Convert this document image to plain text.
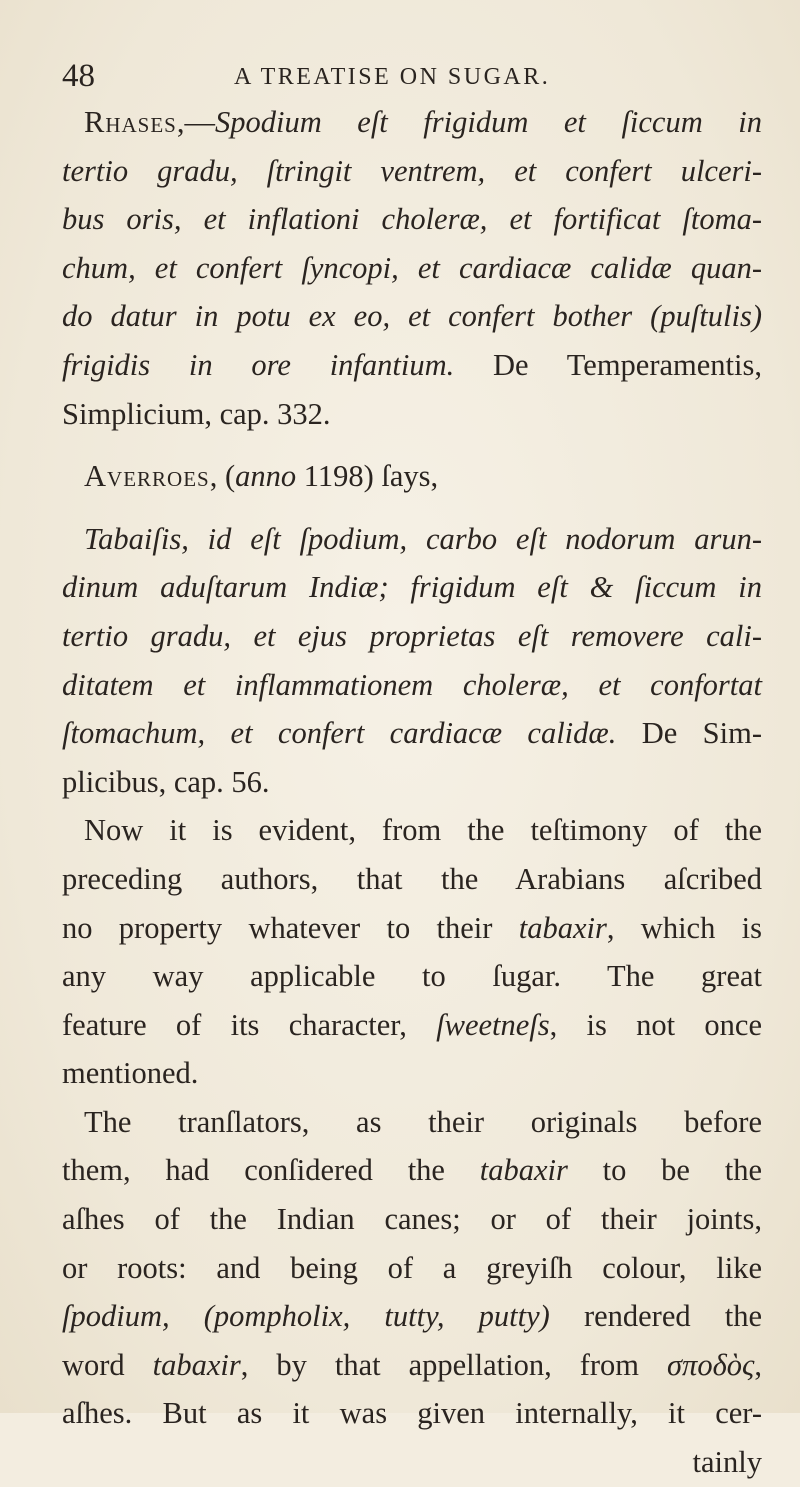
48	A TREATISE ON SUGAR.
Rhases,—Spodium eſt frigidum et ſiccum in
tertio gradu, ſtringit ventrem, et confert ulceri-
bus oris, et inflationi choleræ, et fortificat ſtoma-
chum, et confert ſyncopi, et cardiacæ calidæ quan-
do datur in potu ex eo, et confert bother (puſtulis)
frigidis in ore infantium. De Temperamentis,
Simplicium, cap. 332.
Averroes, (anno 1198) ſays,
Tabaiſis, id eſt ſpodium, carbo eſt nodorum arun-
dinum aduſtarum Indiæ; frigidum eſt & ſiccum in
tertio gradu, et ejus proprietas eſt removere cali-
ditatem et inflammationem choleræ, et confortat
ſtomachum, et confert cardiacæ calidæ. De Sim-
plicibus, cap. 56.
Now it is evident, from the teſtimony of the
preceding authors, that the Arabians aſcribed
no property whatever to their tabaxir, which is
any way applicable to ſugar. The great
feature of its character, ſweetneſs, is not once
mentioned.
The tranſlators, as their originals before
them, had conſidered the tabaxir to be the
aſhes of the Indian canes; or of their joints,
or roots: and being of a greyiſh colour, like
ſpodium, (pompholix, tutty, putty) rendered the
word tabaxir, by that appellation, from σποδὸς,
aſhes. But as it was given internally, it cer-
tainly
